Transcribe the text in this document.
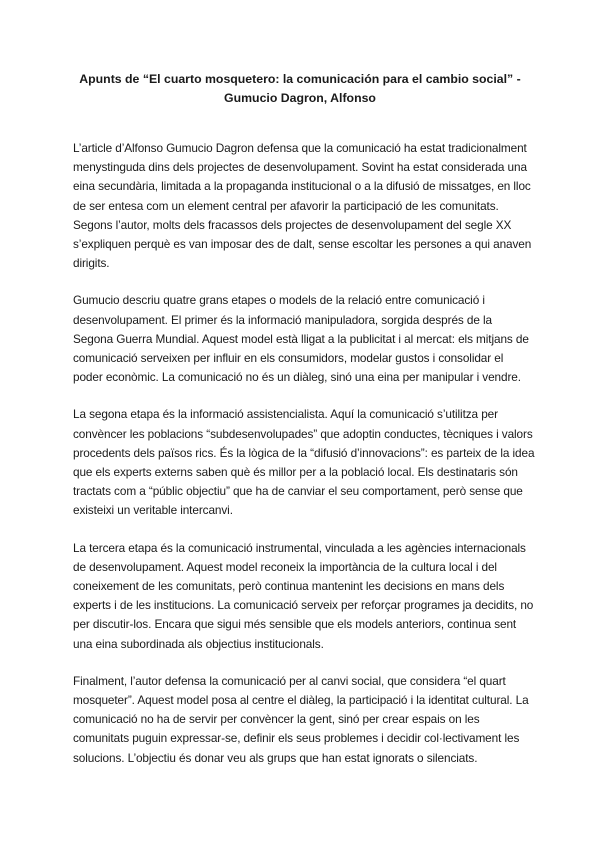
Apunts de “El cuarto mosquetero: la comunicación para el cambio social” - Gumucio Dagron, Alfonso

L’article d’Alfonso Gumucio Dagron defensa que la comunicació ha estat tradicionalment menystinguda dins dels projectes de desenvolupament. Sovint ha estat considerada una eina secundària, limitada a la propaganda institucional o a la difusió de missatges, en lloc de ser entesa com un element central per afavorir la participació de les comunitats. Segons l’autor, molts dels fracassos dels projectes de desenvolupament del segle XX s’expliquen perquè es van imposar des de dalt, sense escoltar les persones a qui anaven dirigits.

Gumucio descriu quatre grans etapes o models de la relació entre comunicació i desenvolupament. El primer és la informació manipuladora, sorgida després de la Segona Guerra Mundial. Aquest model està lligat a la publicitat i al mercat: els mitjans de comunicació serveixen per influir en els consumidors, modelar gustos i consolidar el poder econòmic. La comunicació no és un diàleg, sinó una eina per manipular i vendre.

La segona etapa és la informació assistencialista. Aquí la comunicació s’utilitza per convèncer les poblacions “subdesenvolupades” que adoptin conductes, tècniques i valors procedents dels països rics. És la lògica de la “difusió d’innovacions”: es parteix de la idea que els experts externs saben què és millor per a la població local. Els destinataris són tractats com a “públic objectiu” que ha de canviar el seu comportament, però sense que existeixi un veritable intercanvi.

La tercera etapa és la comunicació instrumental, vinculada a les agències internacionals de desenvolupament. Aquest model reconeix la importància de la cultura local i del coneixement de les comunitats, però continua mantenint les decisions en mans dels experts i de les institucions. La comunicació serveix per reforçar programes ja decidits, no per discutir-los. Encara que sigui més sensible que els models anteriors, continua sent una eina subordinada als objectius institucionals.

Finalment, l’autor defensa la comunicació per al canvi social, que considera “el quart mosqueter”. Aquest model posa al centre el diàleg, la participació i la identitat cultural. La comunicació no ha de servir per convèncer la gent, sinó per crear espais on les comunitats puguin expressar-se, definir els seus problemes i decidir col·lectivament les solucions. L’objectiu és donar veu als grups que han estat ignorats o silenciats.
